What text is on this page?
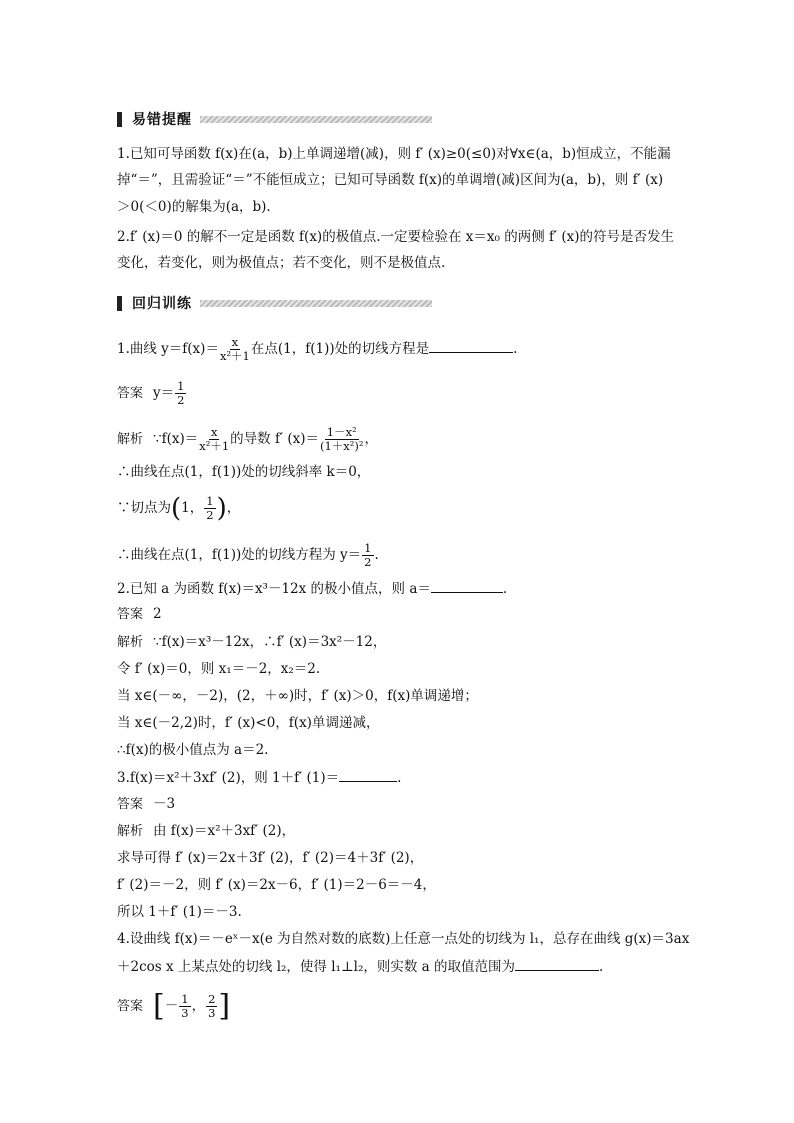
易错提醒
1.已知可导函数 f(x)在(a，b)上单调递增(减)，则 f′ (x)≥0(≤0)对∀x∈(a，b)恒成立，不能漏
掉“＝”，且需验证“＝”不能恒成立；已知可导函数 f(x)的单调增(减)区间为(a，b)，则 f′ (x)
＞0(＜0)的解集为(a，b).
2.f′ (x)＝0 的解不一定是函数 f(x)的极值点.一定要检验在 x＝x₀ 的两侧 f′ (x)的符号是否发生
变化，若变化，则为极值点；若不变化，则不是极值点.
回归训练
1.曲线 $y=f(x)= \frac{x}{\text{x²＋1}}$ 在点(1，f(1))处的切线方程是	.
答案 $y= \frac{1}{2}$
解析 ∵f(x)＝ $\frac{x}{\text{x²＋1}}$ 的导数 f′ $(x)= \frac{\text{1－x²}}{\text{(1＋x²)²}}$ ，
∴曲线在点(1，f(1))处的切线斜率 k＝0，
∵切点为(1， $\frac{1}{2}$ )，
∴曲线在点(1，f(1))处的切线方程为 $y= \frac{1}{2}$ .
2.已知 a 为函数 f(x)＝x³－12x 的极小值点，则 a＝	.
答案 2
解析 ∵f(x)＝x³－12x，∴f′ (x)＝3x²－12，
令 f′ (x)＝0，则 x₁＝－2，x₂＝2.
当 x∈(－∞，－2)，(2，＋∞)时，f′ (x)＞0，f(x)单调递增；
当 x∈(－2,2)时，f′ (x)<0，f(x)单调递减，
∴f(x)的极小值点为 a＝2.
3.f(x)＝x²＋3xf′ (2)，则 1＋f′ (1)＝	.
答案 －3
解析 由 f(x)＝x²＋3xf′ (2)，
求导可得 f′ (x)＝2x＋3f′ (2)，f′ (2)＝4＋3f′ (2)，
f′ (2)＝－2，则 f′ (x)＝2x－6，f′ (1)＝2－6＝－4，
所以 1＋f′ (1)＝－3.
4.设曲线 f(x)＝－eˣ－x(e 为自然对数的底数)上任意一点处的切线为 l₁，总存在曲线 g(x)＝3ax
＋2cos x 上某点处的切线 l₂，使得 l₁⊥l₂，则实数 a 的取值范围为	.
答案 [－ $\frac{1}{3}$ ， $\frac{2}{3}$ ]
